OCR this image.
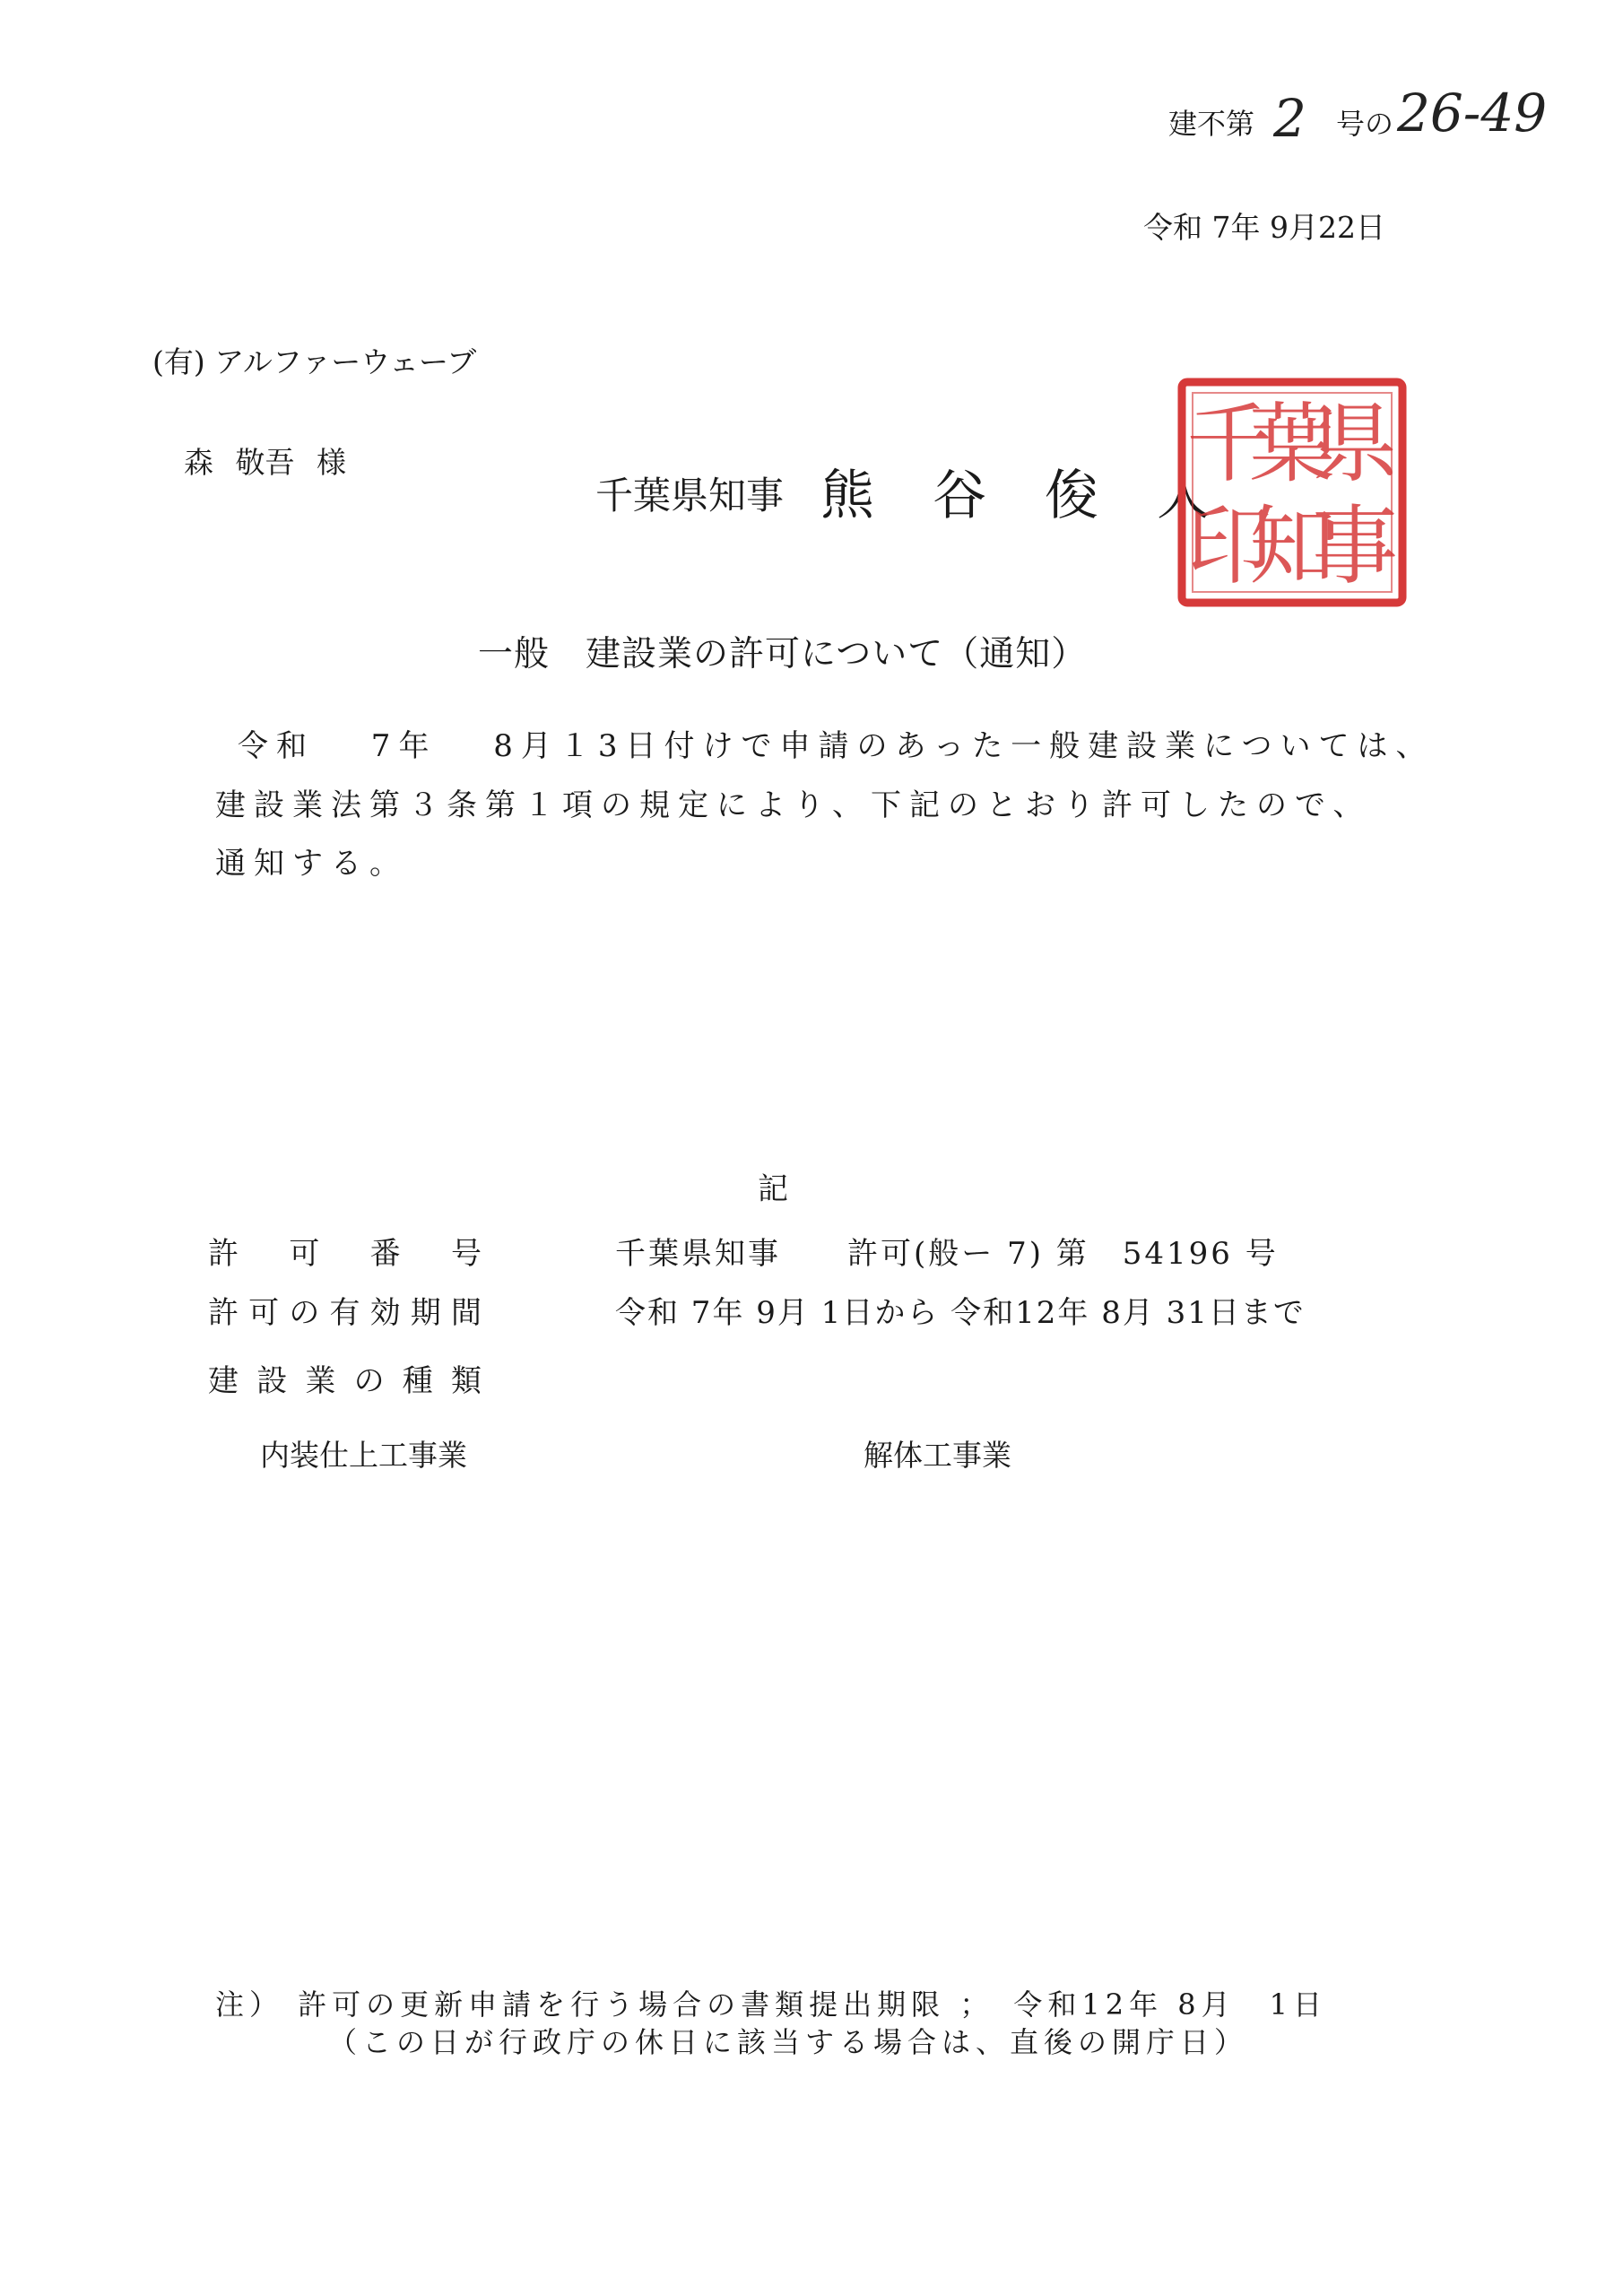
建不第 2 号の 26-49
令和 7年 9月22日
(有) アルファーウェーブ
森 敬吾 様
千葉県知事 熊 谷 俊 人
県
事
葉
知
印
千
一般　建設業の許可について（通知）
令和　 7年　 8月１3日付けで申請のあった一般建設業については、
建設業法第３条第１項の規定により、下記のとおり許可したので、
通知する。
記
許 可 番 号	千葉県知事　　許可(般ー 7) 第　54196 号
許 可 の 有 効 期 間	令和 7年 9月 1日から 令和12年 8月 31日まで
建 設 業 の 種 類
内装仕上工事業	解体工事業
注） 許可の更新申請を行う場合の書類提出期限 ；　令和12年 8月　1日
（この日が行政庁の休日に該当する場合は、直後の開庁日）
